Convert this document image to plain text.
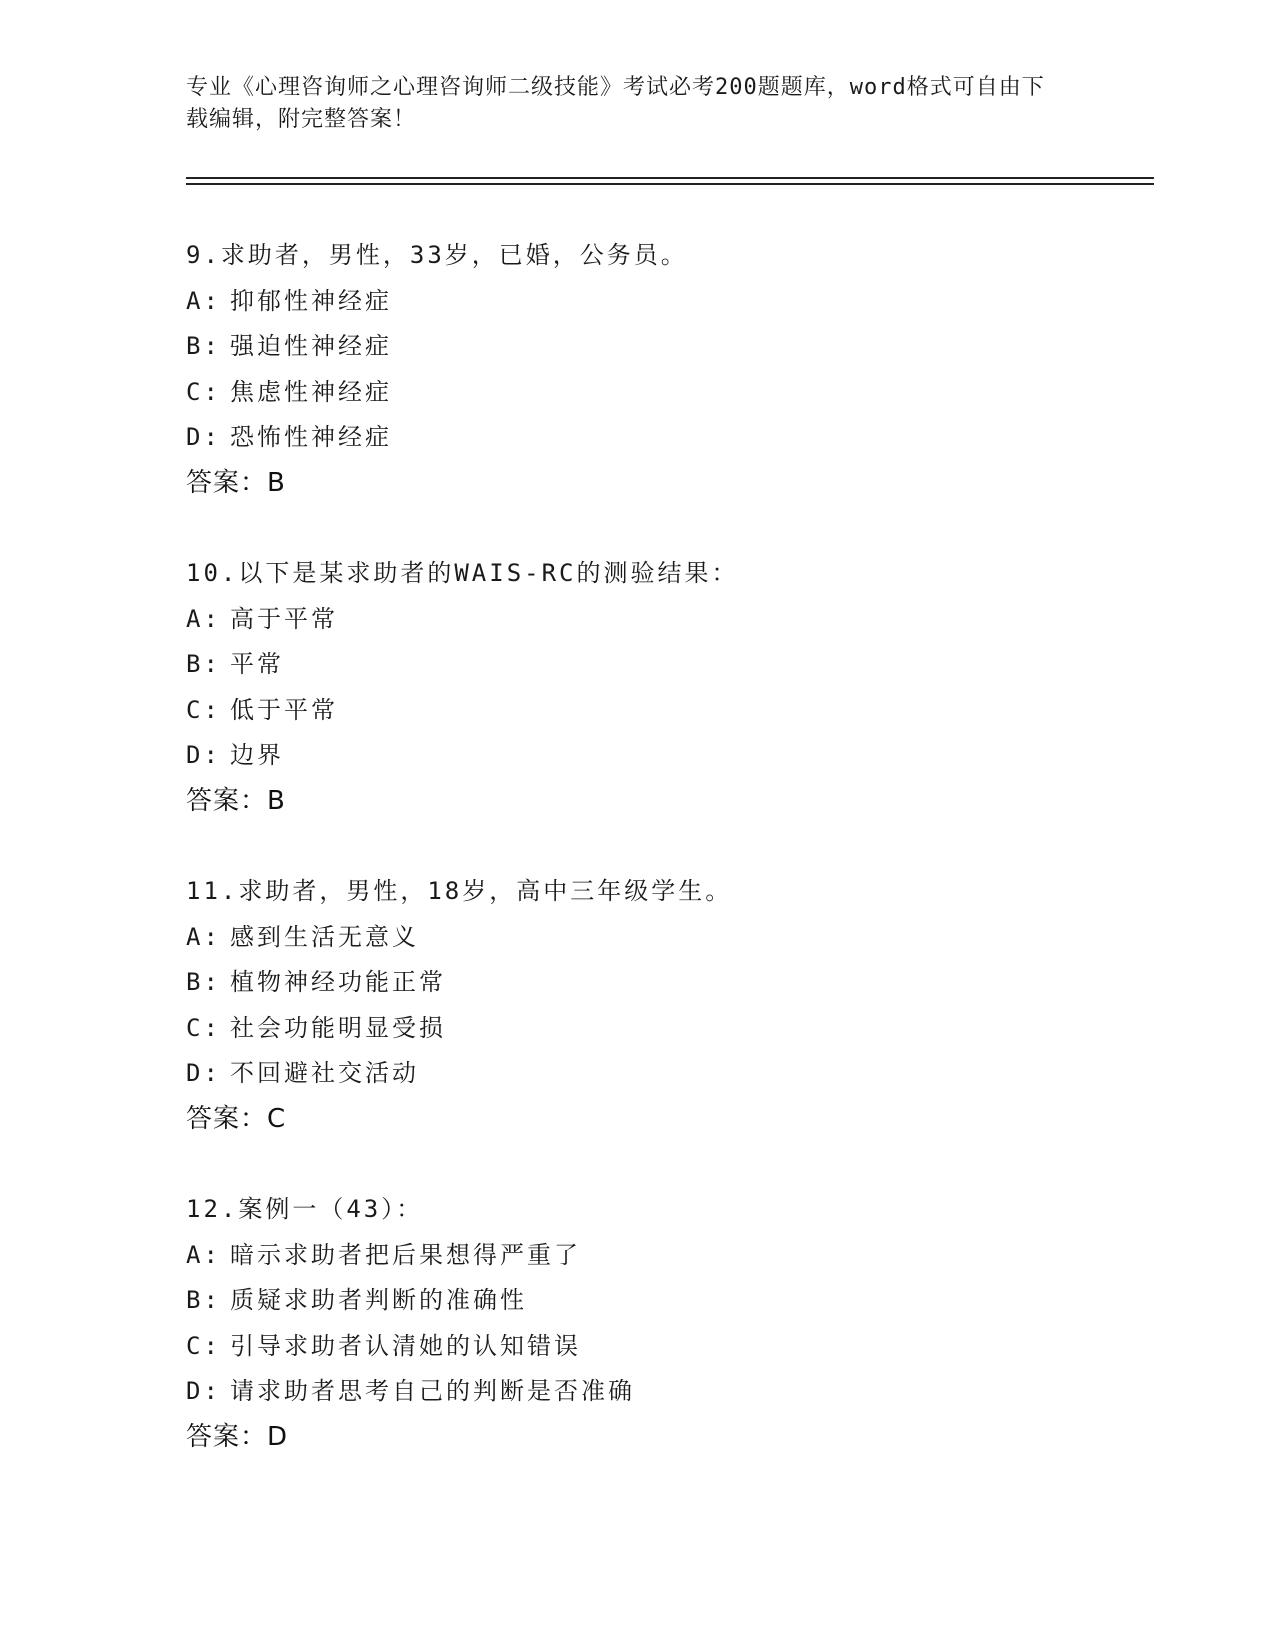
专业《心理咨询师之心理咨询师二级技能》考试必考200题题库，word格式可自由下载编辑，附完整答案！
9.求助者，男性，33岁，已婚，公务员。
A: 抑郁性神经症
B: 强迫性神经症
C: 焦虑性神经症
D: 恐怖性神经症
答案：B
10.以下是某求助者的WAIS-RC的测验结果：
A: 高于平常
B: 平常
C: 低于平常
D: 边界
答案：B
11.求助者，男性，18岁，高中三年级学生。
A: 感到生活无意义
B: 植物神经功能正常
C: 社会功能明显受损
D: 不回避社交活动
答案：C
12.案例一（43）：
A: 暗示求助者把后果想得严重了
B: 质疑求助者判断的准确性
C: 引导求助者认清她的认知错误
D: 请求助者思考自己的判断是否准确
答案：D
